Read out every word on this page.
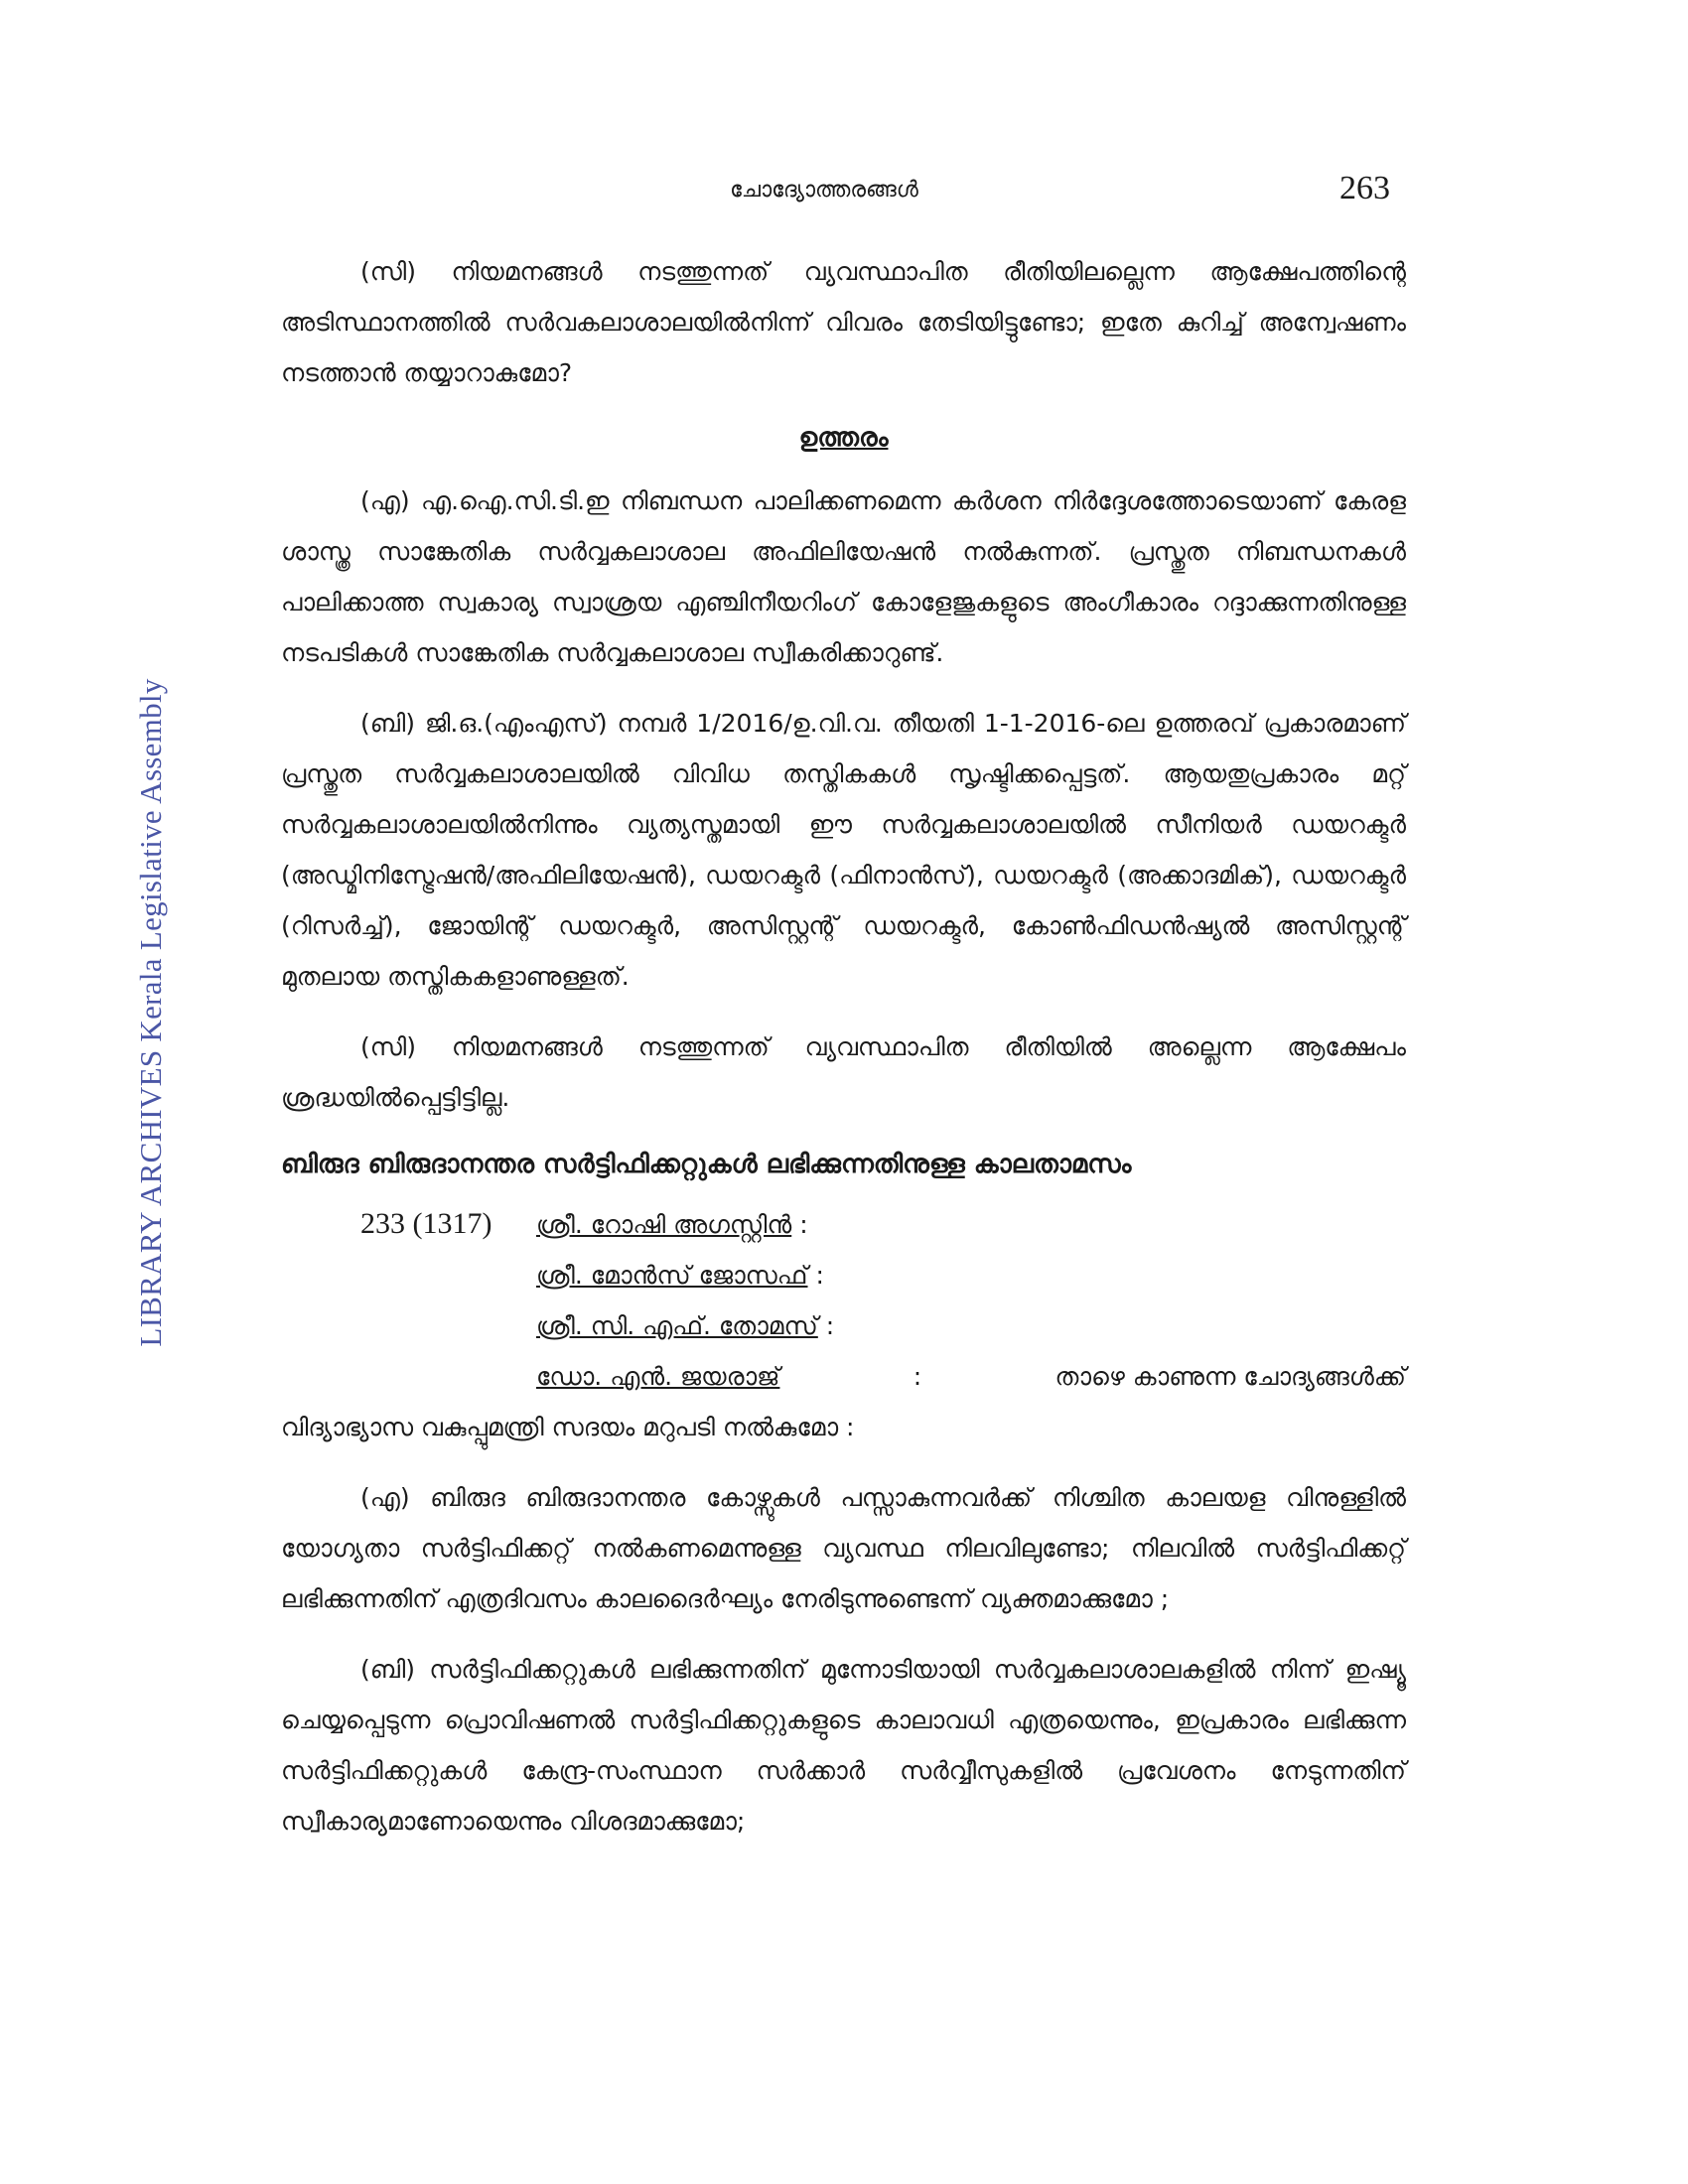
LIBRARY ARCHIVES Kerala Legislative Assembly
ചോദ്യോത്തരങ്ങൾ	263

(സി) നിയമനങ്ങൾ നടത്തുന്നത് വ്യവസ്ഥാപിത രീതിയിലല്ലെന്ന ആക്ഷേപത്തിന്റെ അടിസ്ഥാനത്തിൽ സർവകലാശാലയിൽനിന്ന് വിവരം തേടിയിട്ടുണ്ടോ; ഇതേ കുറിച്ച് അന്വേഷണം നടത്താൻ തയ്യാറാകുമോ?

ഉത്തരം

(എ) എ.ഐ.സി.ടി.ഇ നിബന്ധന പാലിക്കണമെന്ന കർശന നിർദ്ദേശത്തോടെയാണ് കേരള ശാസ്ത്ര സാങ്കേതിക സർവ്വകലാശാല അഫിലിയേഷൻ നൽകുന്നത്. പ്രസ്തുത നിബന്ധനകൾ പാലിക്കാത്ത സ്വകാര്യ സ്വാശ്രയ എഞ്ചിനീയറിംഗ് കോളേജുകളുടെ അംഗീകാരം റദ്ദാക്കുന്നതിനുള്ള നടപടികൾ സാങ്കേതിക സർവ്വകലാശാല സ്വീകരിക്കാറുണ്ട്.

(ബി) ജി.ഒ.(എംഎസ്) നമ്പർ 1/2016/ഉ.വി.വ. തീയതി 1-1-2016-ലെ ഉത്തരവ് പ്രകാരമാണ് പ്രസ്തുത സർവ്വകലാശാലയിൽ വിവിധ തസ്തികകൾ സൃഷ്ടിക്കപ്പെട്ടത്. ആയതുപ്രകാരം മറ്റ് സർവ്വകലാശാലയിൽനിന്നും വ്യത്യസ്തമായി ഈ സർവ്വകലാശാലയിൽ സീനിയർ ഡയറക്ടർ (അഡ്മിനിസ്ട്രേഷൻ/അഫിലിയേഷൻ), ഡയറക്ടർ (ഫിനാൻസ്), ഡയറക്ടർ (അക്കാദമിക്), ഡയറക്ടർ (റിസർച്ച്), ജോയിന്റ് ഡയറക്ടർ, അസിസ്റ്റന്റ് ഡയറക്ടർ, കോൺഫിഡൻഷ്യൽ അസിസ്റ്റന്റ് മുതലായ തസ്തികകളാണുള്ളത്.

(സി) നിയമനങ്ങൾ നടത്തുന്നത് വ്യവസ്ഥാപിത രീതിയിൽ അല്ലെന്ന ആക്ഷേപം ശ്രദ്ധയിൽപ്പെട്ടിട്ടില്ല.

ബിരുദ ബിരുദാനന്തര സർട്ടിഫിക്കറ്റുകൾ ലഭിക്കുന്നതിനുള്ള കാലതാമസം
233 (1317) ശ്രീ. റോഷി അഗസ്റ്റിൻ :
ശ്രീ. മോൻസ് ജോസഫ് :
ശ്രീ. സി. എഫ്. തോമസ് :
ഡോ. എൻ. ജയരാജ്	:	താഴെ കാണുന്ന ചോദ്യങ്ങൾക്ക്
വിദ്യാഭ്യാസ വകുപ്പുമന്ത്രി സദയം മറുപടി നൽകുമോ :

(എ) ബിരുദ ബിരുദാനന്തര കോഴ്സുകൾ പസ്സാകുന്നവർക്ക് നിശ്ചിത കാലയള വിനുള്ളിൽ യോഗ്യതാ സർട്ടിഫിക്കറ്റ് നൽകണമെന്നുള്ള വ്യവസ്ഥ നിലവിലുണ്ടോ; നിലവിൽ സർട്ടിഫിക്കറ്റ് ലഭിക്കുന്നതിന് എത്രദിവസം കാലദൈർഘ്യം നേരിടുന്നുണ്ടെന്ന് വ്യക്തമാക്കുമോ ;

(ബി) സർട്ടിഫിക്കറ്റുകൾ ലഭിക്കുന്നതിന് മുന്നോടിയായി സർവ്വകലാശാലകളിൽ നിന്ന് ഇഷ്യൂ ചെയ്യപ്പെടുന്ന പ്രൊവിഷണൽ സർട്ടിഫിക്കറ്റുകളുടെ കാലാവധി എത്രയെന്നും, ഇപ്രകാരം ലഭിക്കുന്ന സർട്ടിഫിക്കറ്റുകൾ കേന്ദ്ര-സംസ്ഥാന സർക്കാർ സർവ്വീസുകളിൽ പ്രവേശനം നേടുന്നതിന് സ്വീകാര്യമാണോയെന്നും വിശദമാക്കുമോ;
